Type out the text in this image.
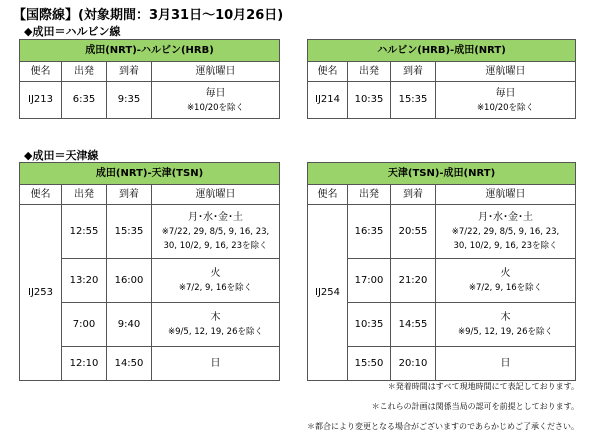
【国際線】(対象期間：3月31日〜10月26日)
◆成田＝ハルビン線
成田(NRT)-ハルビン(HRB)			
便名	出発	到着	運航曜日
IJ213	6:35	9:35	毎日
※10/20を除く
ハルビン(HRB)-成田(NRT)			
便名	出発	到着	運航曜日
IJ214	10:35	15:35	毎日
※10/20を除く
◆成田＝天津線
成田(NRT)-天津(TSN)			
便名	出発	到着	運航曜日
IJ253	12:55	15:35	月･水･金･土
※7/22, 29, 8/5, 9, 16, 23,
30, 10/2, 9, 16, 23を除く

	13:20	16:00	火
※7/2, 9, 16を除く

	7:00	9:40	木
※9/5, 12, 19, 26を除く

	12:10	14:50	日
天津(TSN)-成田(NRT)			
便名	出発	到着	運航曜日
IJ254	16:35	20:55	月･水･金･土
※7/22, 29, 8/5, 9, 16, 23,
30, 10/2, 9, 16, 23を除く

	17:00	21:20	火
※7/2, 9, 16を除く

	10:35	14:55	木
※9/5, 12, 19, 26を除く

	15:50	20:10	日
＊発着時間はすべて現地時間にて表記しております。
＊これらの計画は関係当局の認可を前提としております。
＊都合により変更となる場合がございますのであらかじめご了承ください。
